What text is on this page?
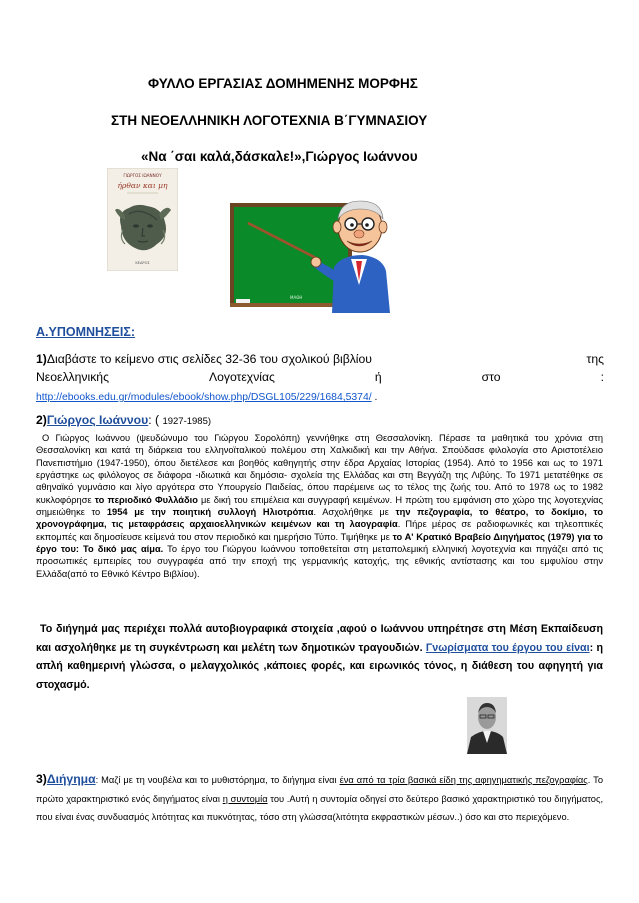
ΦΥΛΛΟ ΕΡΓΑΣΙΑΣ ΔΟΜΗΜΕΝΗΣ ΜΟΡΦΗΣ
ΣΤΗ ΝΕΟΕΛΛΗΝΙΚΗ ΛΟΓΟΤΕΧΝΙΑ Β΄ΓΥΜΝΑΣΙΟΥ
«Να ΄σαι καλά,δάσκαλε!»,Γιώργος Ιωάννου
ΓΙΩΡΓΟΣ ΙΩΑΝΝΟΥ
ήρθαν και μη
ΚΕΔΡΟΣ
ΜΑΘΗ
Α.ΥΠΟΜΝΗΣΕΙΣ:
1)Διαβάστε το κείμενο στις σελίδες 32-36 του σχολικού βιβλίου	της
Νεοελληνικής	Λογοτεχνίας	ή	στο	:
http://ebooks.edu.gr/modules/ebook/show.php/DSGL105/229/1684,5374/ .
2)Γιώργος Ιωάννου: ( 1927-1985)
Ο Γιώργος Ιωάννου (ψευδώνυμο του Γιώργου Σορολόπη) γεννήθηκε στη Θεσσαλονίκη. Πέρασε τα μαθητικά του χρόνια στη Θεσσαλονίκη και κατά τη διάρκεια του ελληνοϊταλικού πολέμου στη Χαλκιδική και την Αθήνα. Σπούδασε φιλολογία στο Αριστοτέλειο Πανεπιστήμιο (1947-1950), όπου διετέλεσε και βοηθός καθηγητής στην έδρα Αρχαίας Ιστορίας (1954). Από το 1956 και ως το 1971 εργάστηκε ως φιλόλογος σε διάφορα -ιδιωτικά και δημόσια- σχολεία της Ελλάδας και στη Βεγγάζη της Λιβύης. Το 1971 μετατέθηκε σε αθηναϊκό γυμνάσιο και λίγο αργότερα στο Υπουργείο Παιδείας, όπου παρέμεινε ως το τέλος της ζωής του. Από το 1978 ως το 1982 κυκλοφόρησε το περιοδικό Φυλλάδιο με δική του επιμέλεια και συγγραφή κειμένων. Η πρώτη του εμφάνιση στο χώρο της λογοτεχνίας σημειώθηκε το 1954 με την ποιητική συλλογή Ηλιοτρόπια. Ασχολήθηκε με την πεζογραφία, το θέατρο, το δοκίμιο, το χρονογράφημα, τις μεταφράσεις αρχαιοελληνικών κειμένων και τη λαογραφία. Πήρε μέρος σε ραδιοφωνικές και τηλεοπτικές εκπομπές και δημοσίευσε κείμενά του στον περιοδικό και ημερήσιο Τύπο. Τιμήθηκε με το Α' Κρατικό Βραβείο Διηγήματος (1979) για το έργο του: Το δικό μας αίμα. Το έργο του Γιώργου Ιωάννου τοποθετείται στη μεταπολεμική ελληνική λογοτεχνία και πηγάζει από τις προσωπικές εμπειρίες του συγγραφέα από την εποχή της γερμανικής κατοχής, της εθνικής αντίστασης και του εμφυλίου στην Ελλάδα(από το Εθνικό Κέντρο Βιβλίου).
Το διήγημά μας περιέχει πολλά αυτοβιογραφικά στοιχεία ,αφού ο Ιωάννου υπηρέτησε στη Μέση Εκπαίδευση και ασχολήθηκε με τη συγκέντρωση και μελέτη των δημοτικών τραγουδιών. Γνωρίσματα του έργου του είναι: η απλή καθημερινή γλώσσα, ο μελαγχολικός ,κάποιες φορές, και ειρωνικός τόνος, η διάθεση του αφηγητή για στοχασμό.
3)Διήγημα: Μαζί με τη νουβέλα και το μυθιστόρημα, το διήγημα είναι ένα από τα τρία βασικά είδη της αφηγηματικής πεζογραφίας. Το πρώτο χαρακτηριστικό ενός διηγήματος είναι η συντομία του .Αυτή η συντομία οδηγεί στο δεύτερο βασικό χαρακτηριστικό του διηγήματος, που είναι ένας συνδυασμός λιτότητας και πυκνότητας, τόσο στη γλώσσα(λιτότητα εκφραστικών μέσων..) όσο και στο περιεχόμενο.
